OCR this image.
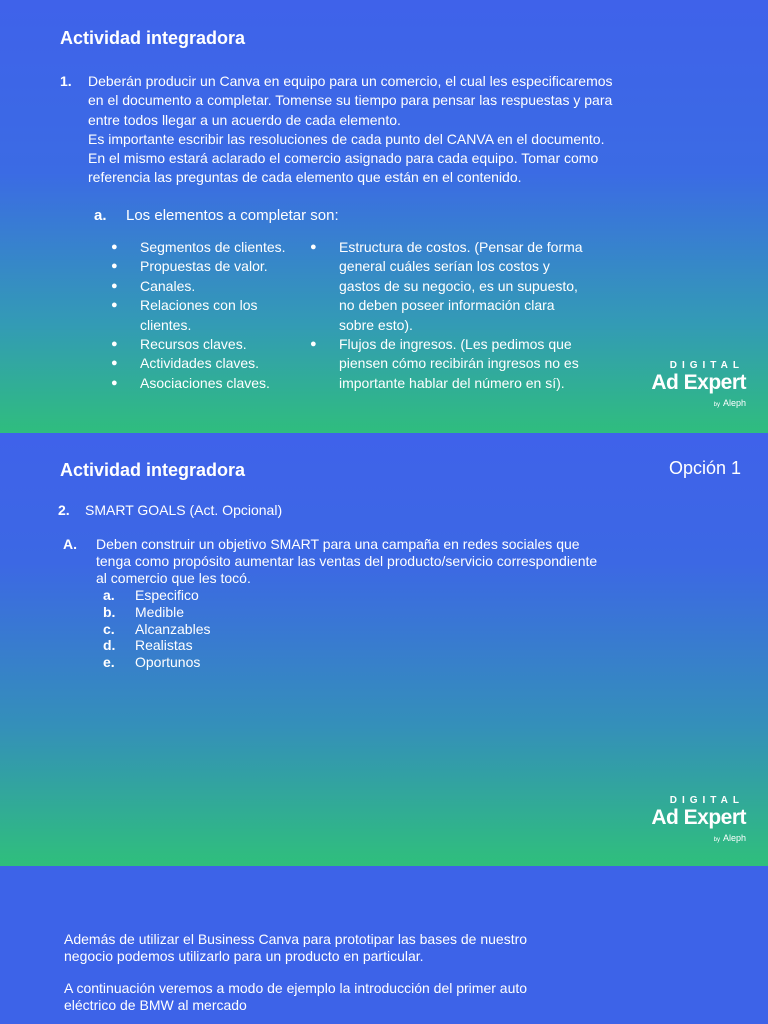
Actividad integradora
1. Deberán producir un Canva en equipo para un comercio, el cual les especificaremos
en el documento a completar. Tomense su tiempo para pensar las respuestas y para
entre todos llegar a un acuerdo de cada elemento.
Es importante escribir las resoluciones de cada punto del CANVA en el documento.
En el mismo estará aclarado el comercio asignado para cada equipo. Tomar como
referencia las preguntas de cada elemento que están en el contenido.
a. Los elementos a completar son:
● Segmentos de clientes.
● Propuestas de valor.
● Canales.
● Relaciones con los
clientes.
● Recursos claves.
● Actividades claves.
● Asociaciones claves.
● Estructura de costos. (Pensar de forma
general cuáles serían los costos y
gastos de su negocio, es un supuesto,
no deben poseer información clara
sobre esto).
● Flujos de ingresos. (Les pedimos que
piensen cómo recibirán ingresos no es
importante hablar del número en sí).
DIGITAL
Ad Expert
by Aleph
Actividad integradora	Opción 1
2. SMART GOALS (Act. Opcional)
A. Deben construir un objetivo SMART para una campaña en redes sociales que
tenga como propósito aumentar las ventas del producto/servicio correspondiente
al comercio que les tocó.
a. Especifico
b. Medible
c. Alcanzables
d. Realistas
e. Oportunos
DIGITAL
Ad Expert
by Aleph
Además de utilizar el Business Canva para prototipar las bases de nuestro
negocio podemos utilizarlo para un producto en particular.
A continuación veremos a modo de ejemplo la introducción del primer auto
eléctrico de BMW al mercado
